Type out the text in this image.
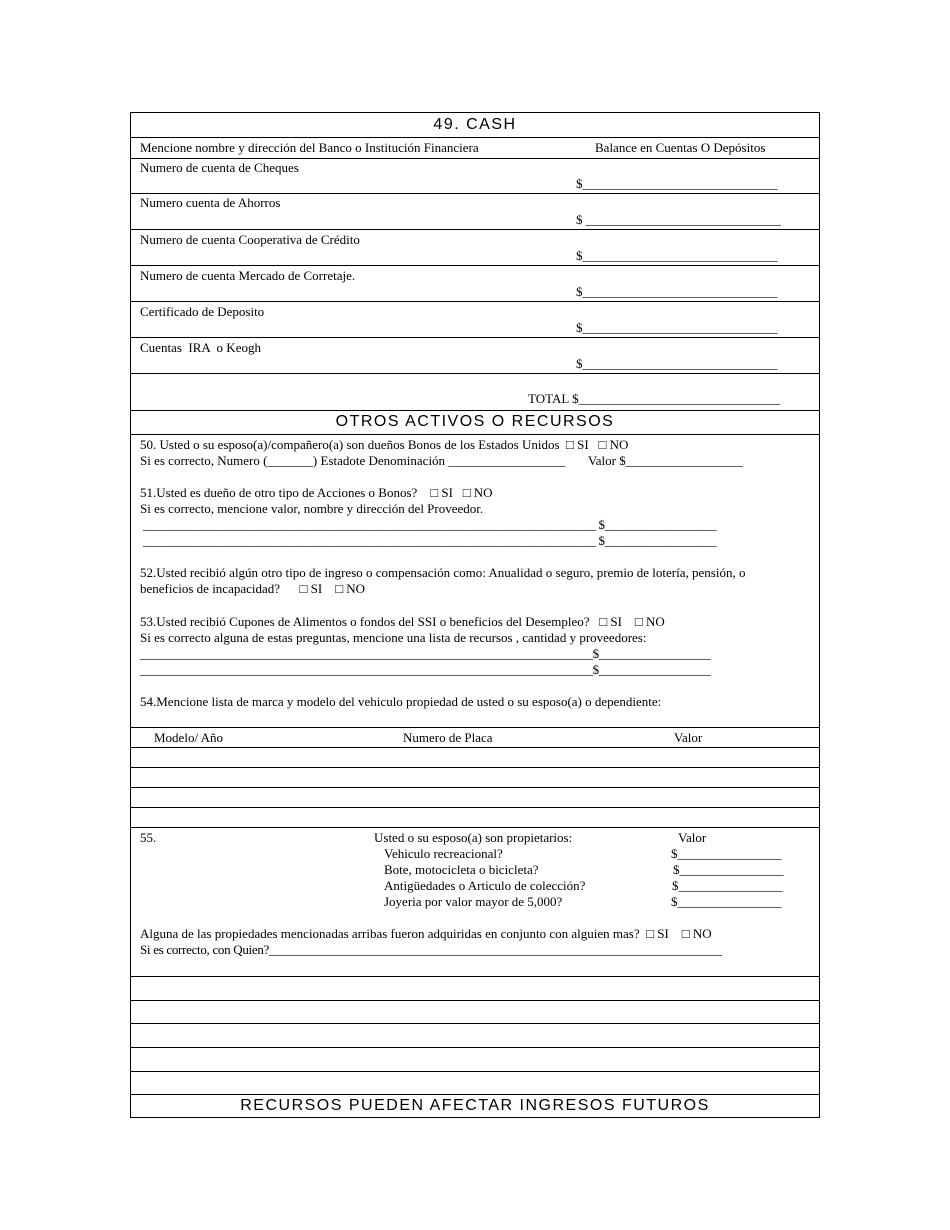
49. CASH
Mencione nombre y dirección del Banco o Institución Financiera	Balance en Cuentas O Depósitos
Numero de cuenta de Cheques
$______________________________
Numero cuenta de Ahorros
$ ______________________________
Numero de cuenta Cooperativa de Crédito
$______________________________
Numero de cuenta Mercado de Corretaje.
$______________________________
Certificado de Deposito
$______________________________
Cuentas  IRA  o Keogh
$______________________________
TOTAL $_______________________________
OTROS ACTIVOS O RECURSOS
50. Usted o su esposo(a)/compañero(a) son dueños Bonos de los Estados Unidos  □ SI   □ NO
Si es correcto, Numero (_______) Estadote Denominación __________________       Valor $__________________
51.Usted es dueño de otro tipo de Acciones o Bonos?    □ SI   □ NO
Si es correcto, mencione valor, nombre y dirección del Proveedor.
_________________________________________________________________________ $__________________
_________________________________________________________________________ $__________________
52.Usted recibió algún otro tipo de ingreso o compensación como: Anualidad o seguro, premio de lotería, pensión, o
beneficios de incapacidad?      □ SI    □ NO
53.Usted recibió Cupones de Alimentos o fondos del SSI o beneficios del Desempleo?   □ SI    □ NO
Si es correcto alguna de estas preguntas, mencione una lista de recursos , cantidad y proveedores:
_________________________________________________________________________$__________________
_________________________________________________________________________$__________________
54.Mencione lista de marca y modelo del vehiculo propiedad de usted o su esposo(a) o dependiente:
Modelo/ Año	Numero de Placa	Valor
55.	Usted o su esposo(a) son propietarios:	Valor
Vehiculo recreacional?	$________________
Bote, motocicleta o bicicleta?	$________________
Antigüedades o Articulo de colección?	$________________
Joyeria por valor mayor de 5,000?	$________________
Alguna de las propiedades mencionadas arribas fueron adquiridas en conjunto con alguien mas?  □ SI    □ NO
Si es correcto, con Quien?_________________________________________________________________________
RECURSOS PUEDEN AFECTAR INGRESOS FUTUROS
